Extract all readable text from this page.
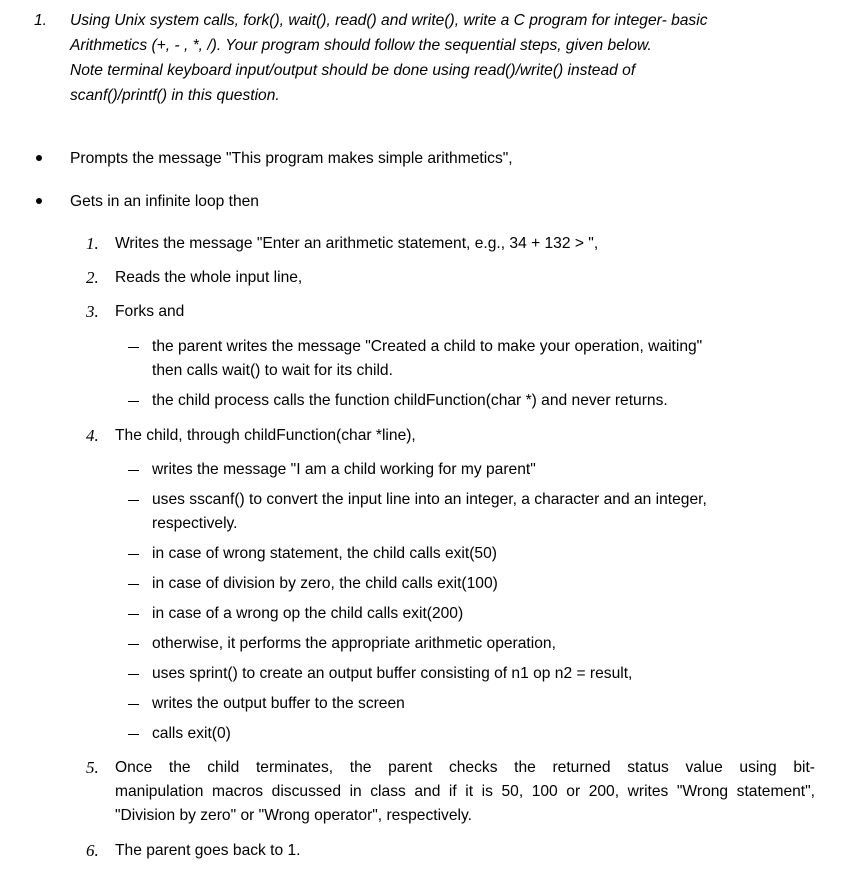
1. Using Unix system calls, fork(), wait(), read() and write(), write a C program for integer- basic
Arithmetics (+, - , *, /). Your program should follow the sequential steps, given below.
Note terminal keyboard input/output should be done using read()/write() instead of
scanf()/printf() in this question.
Prompts the message "This program makes simple arithmetics",
Gets in an infinite loop then
1. Writes the message "Enter an arithmetic statement, e.g., 34 + 132 > ",
2. Reads the whole input line,
3. Forks and
the parent writes the message "Created a child to make your operation, waiting"
then calls wait() to wait for its child.
the child process calls the function childFunction(char *) and never returns.
4. The child, through childFunction(char *line),
writes the message "I am a child working for my parent"
uses sscanf() to convert the input line into an integer, a character and an integer,
respectively.
in case of wrong statement, the child calls exit(50)
in case of division by zero, the child calls exit(100)
in case of a wrong op the child calls exit(200)
otherwise, it performs the appropriate arithmetic operation,
uses sprint() to create an output buffer consisting of n1 op n2 = result,
writes the output buffer to the screen
calls exit(0)
5. Once the child terminates, the parent checks the returned status value using bit-
manipulation macros discussed in class and if it is 50, 100 or 200, writes "Wrong statement",
"Division by zero" or "Wrong operator", respectively.
6. The parent goes back to 1.
